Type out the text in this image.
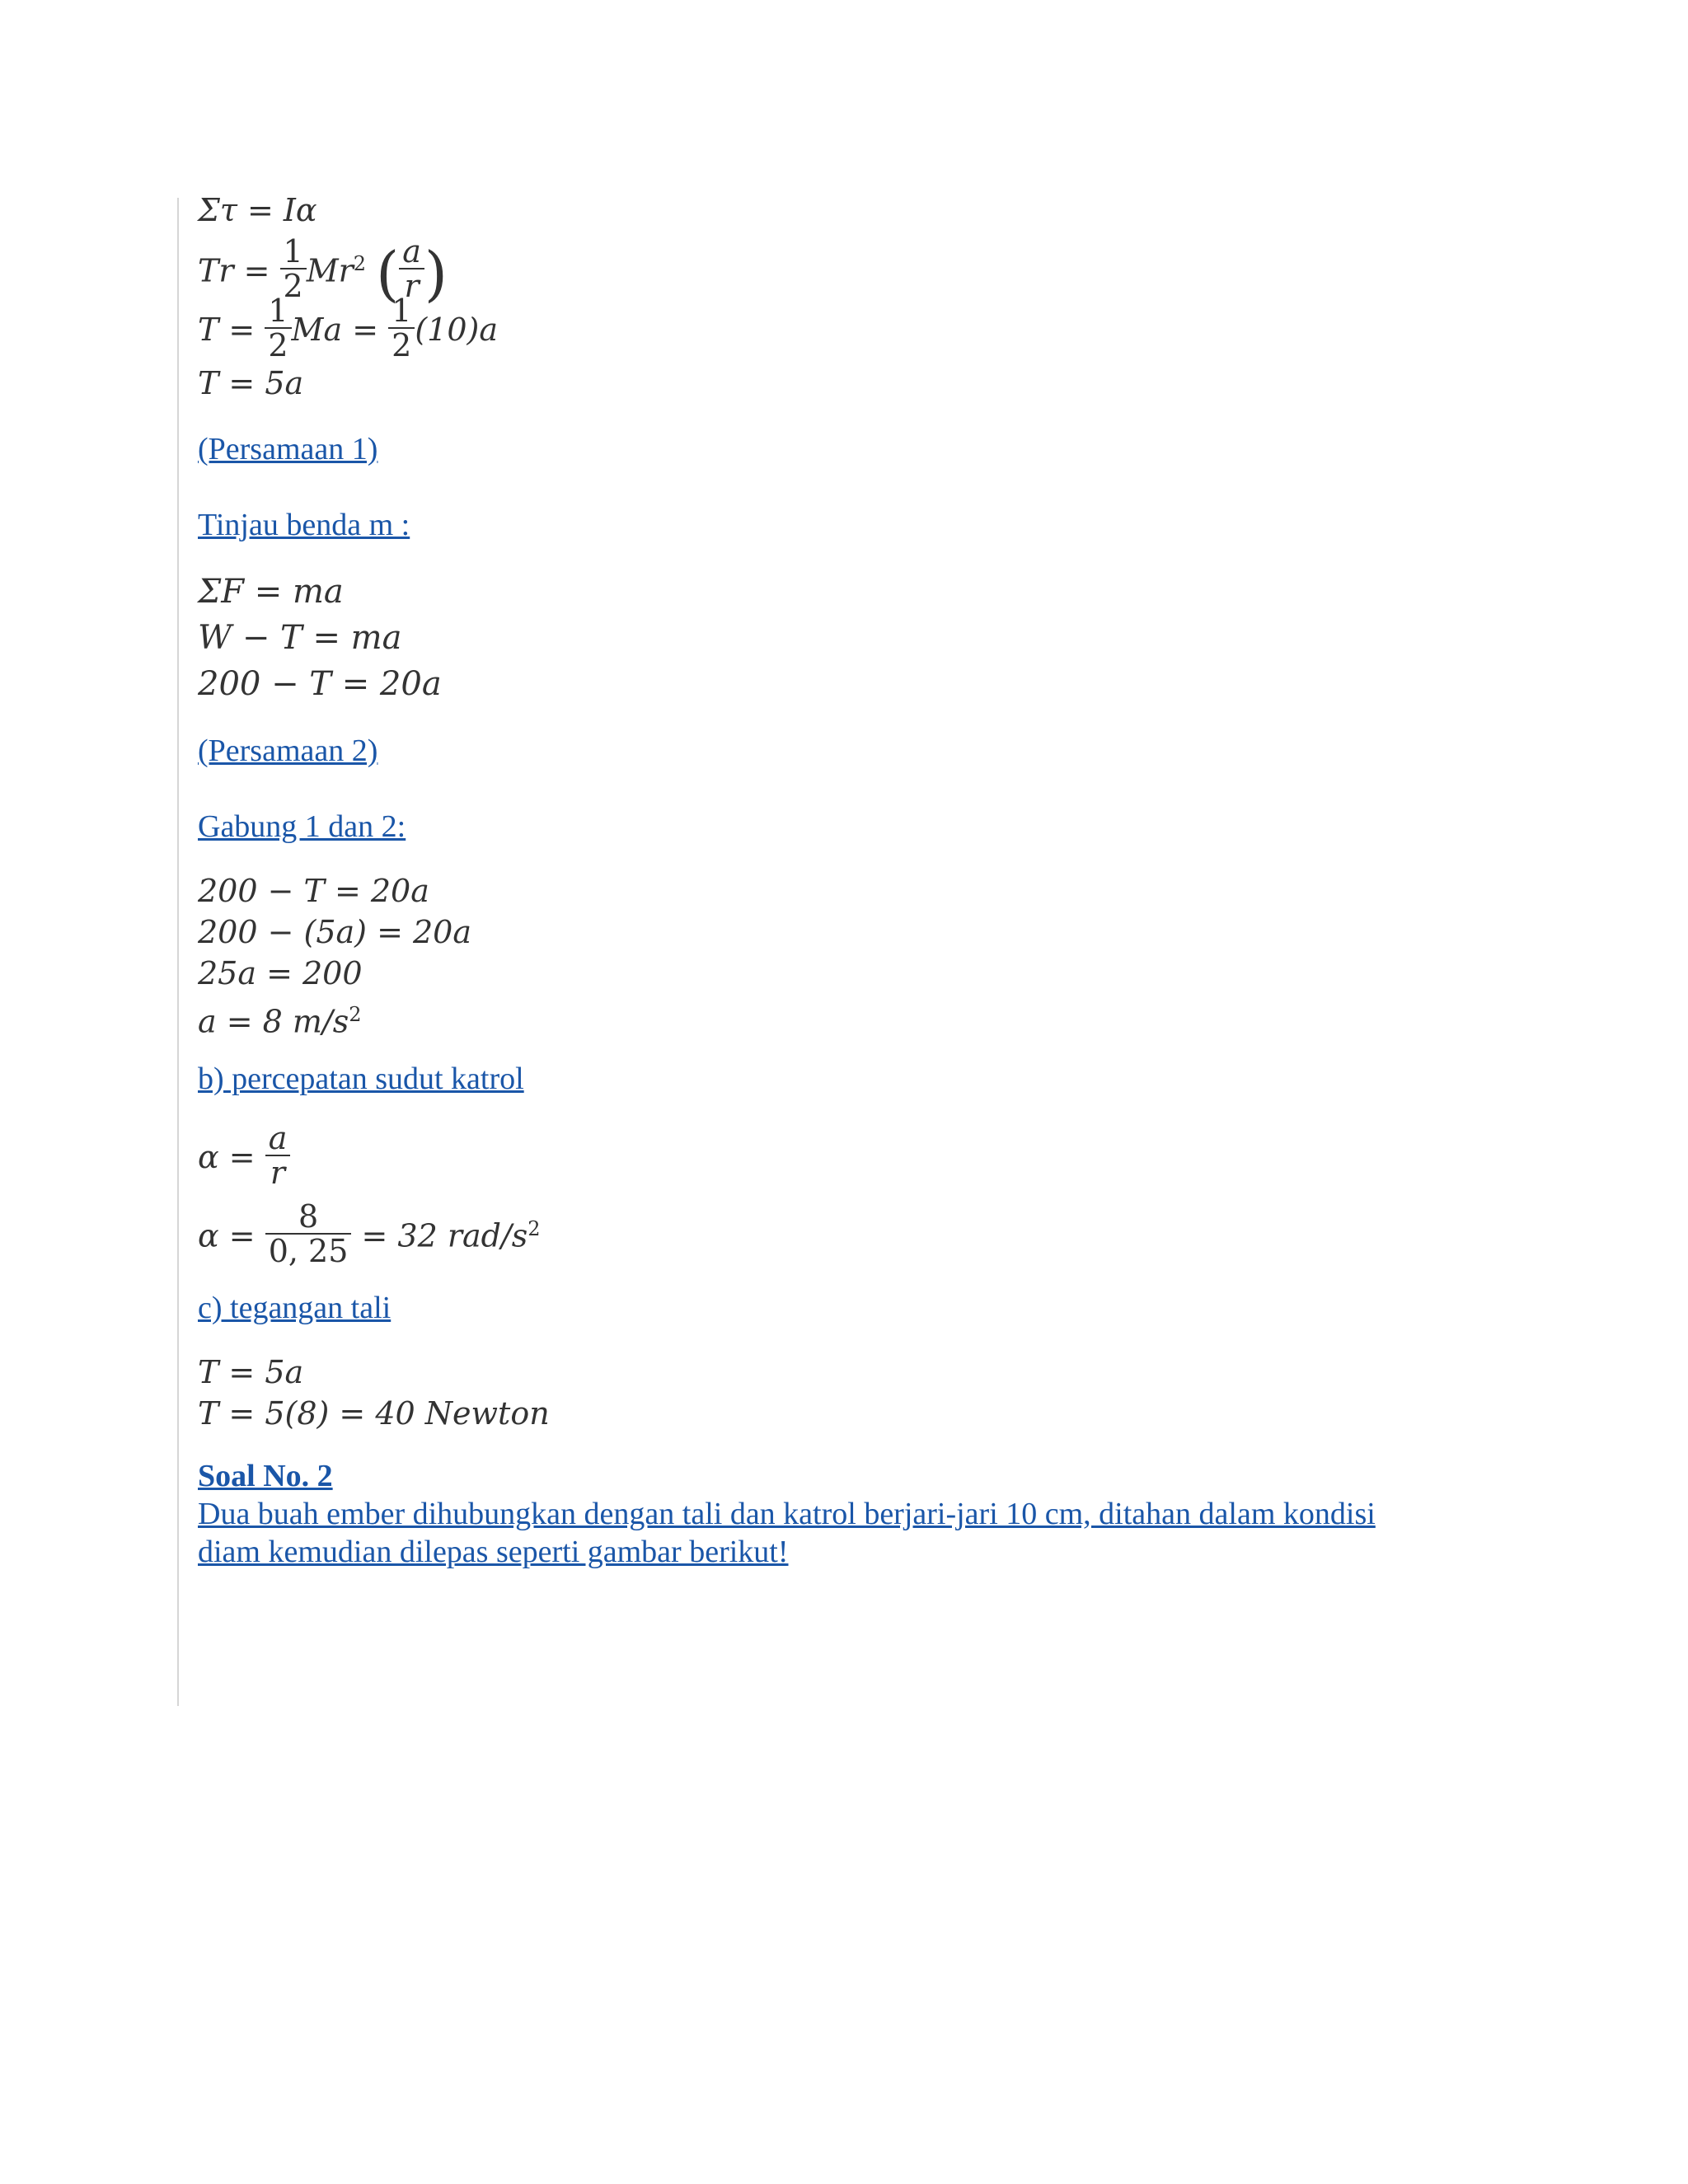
Στ = Iα
$Tr = \frac{1}{2} Mr^2$ ( $\frac{a}{r}$ )
$T = \frac{1}{2}$ $Ma = \frac{1}{2} (10)a$
T = 5a
(Persamaan 1)
Tinjau benda m :
ΣF = ma
W − T = ma
200 − T = 20a
(Persamaan 2)
Gabung 1 dan 2:
200 − T = 20a
200 − (5a) = 20a
25a = 200
a = 8 $m/s^2$
b) percepatan sudut katrol
$\alpha = \frac{a}{r}$
$\alpha = \frac{8}{0, 25} = 32$ rad/$s^2$
c) tegangan tali
T = 5a
T = 5(8) = 40 Newton
Soal No. 2
Dua buah ember dihubungkan dengan tali dan katrol berjari-jari 10 cm, ditahan dalam kondisi
diam kemudian dilepas seperti gambar berikut!
